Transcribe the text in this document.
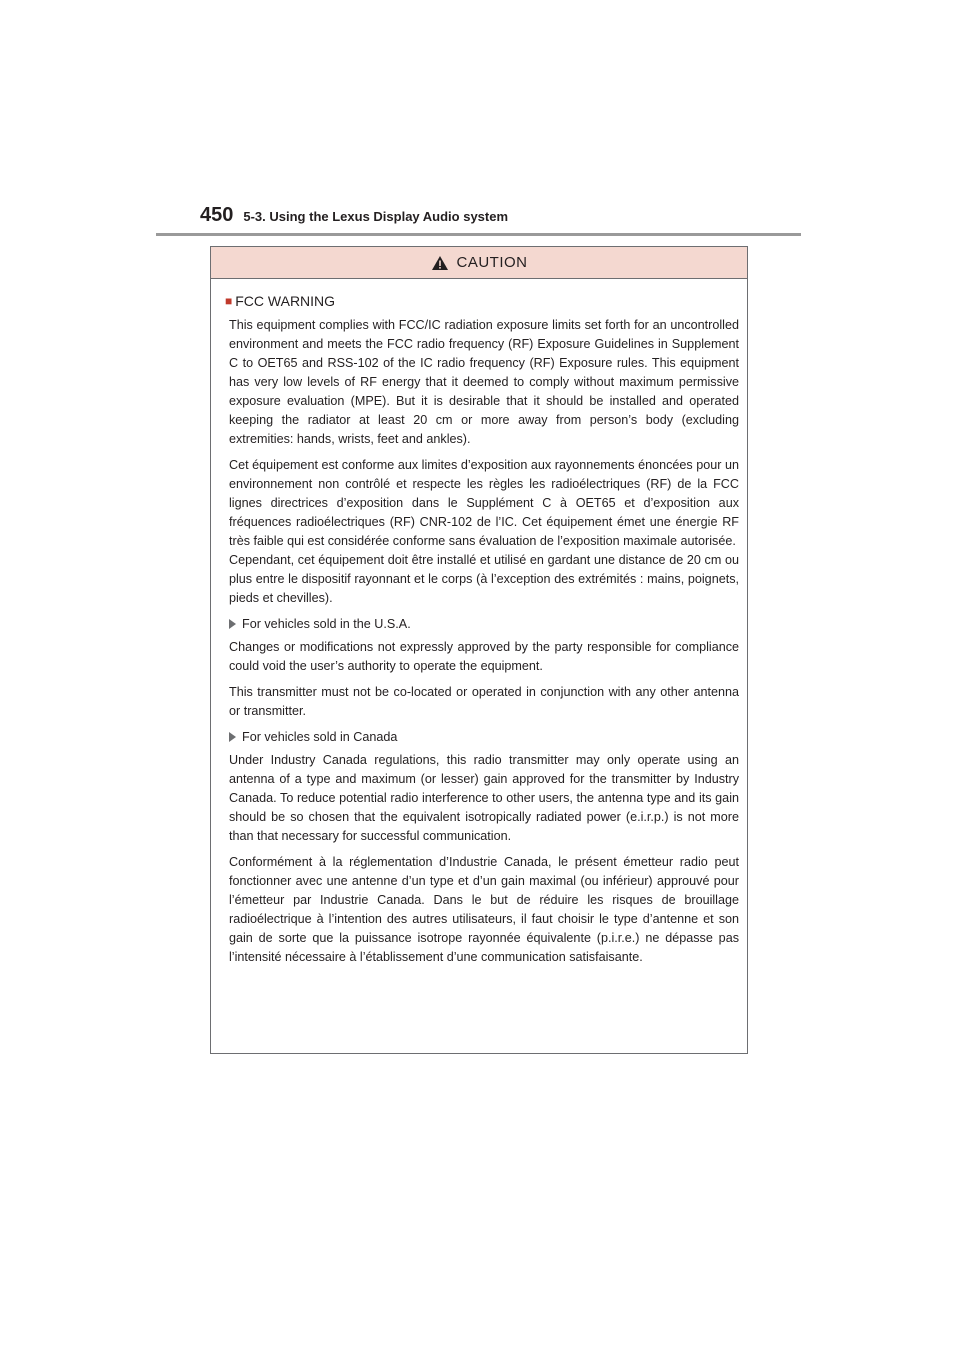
450 5-3. Using the Lexus Display Audio system
CAUTION
■ FCC WARNING

This equipment complies with FCC/IC radiation exposure limits set forth for an uncontrolled environment and meets the FCC radio frequency (RF) Exposure Guidelines in Supplement C to OET65 and RSS-102 of the IC radio frequency (RF) Exposure rules. This equipment has very low levels of RF energy that it deemed to comply without maximum permissive exposure evaluation (MPE). But it is desirable that it should be installed and operated keeping the radiator at least 20 cm or more away from person’s body (excluding extremities: hands, wrists, feet and ankles).

Cet équipement est conforme aux limites d’exposition aux rayonnements énoncées pour un environnement non contrôlé et respecte les règles les radioélectriques (RF) de la FCC lignes directrices d’exposition dans le Supplément C à OET65 et d’exposition aux fréquences radioélectriques (RF) CNR-102 de l’IC. Cet équipement émet une énergie RF très faible qui est considérée conforme sans évaluation de l’exposition maximale autorisée.

Cependant, cet équipement doit être installé et utilisé en gardant une distance de 20 cm ou plus entre le dispositif rayonnant et le corps (à l’exception des extrémités : mains, poignets, pieds et chevilles).

For vehicles sold in the U.S.A.

Changes or modifications not expressly approved by the party responsible for compliance could void the user’s authority to operate the equipment.

This transmitter must not be co-located or operated in conjunction with any other antenna or transmitter.

For vehicles sold in Canada

Under Industry Canada regulations, this radio transmitter may only operate using an antenna of a type and maximum (or lesser) gain approved for the transmitter by Industry Canada. To reduce potential radio interference to other users, the antenna type and its gain should be so chosen that the equivalent isotropically radiated power (e.i.r.p.) is not more than that necessary for successful communication.

Conformément à la réglementation d’Industrie Canada, le présent émetteur radio peut fonctionner avec une antenne d’un type et d’un gain maximal (ou inférieur) approuvé pour l’émetteur par Industrie Canada. Dans le but de réduire les risques de brouillage radioélectrique à l’intention des autres utilisateurs, il faut choisir le type d’antenne et son gain de sorte que la puissance isotrope rayonnée équivalente (p.i.r.e.) ne dépasse pas l’intensité nécessaire à l’établissement d’une communication satisfaisante.
